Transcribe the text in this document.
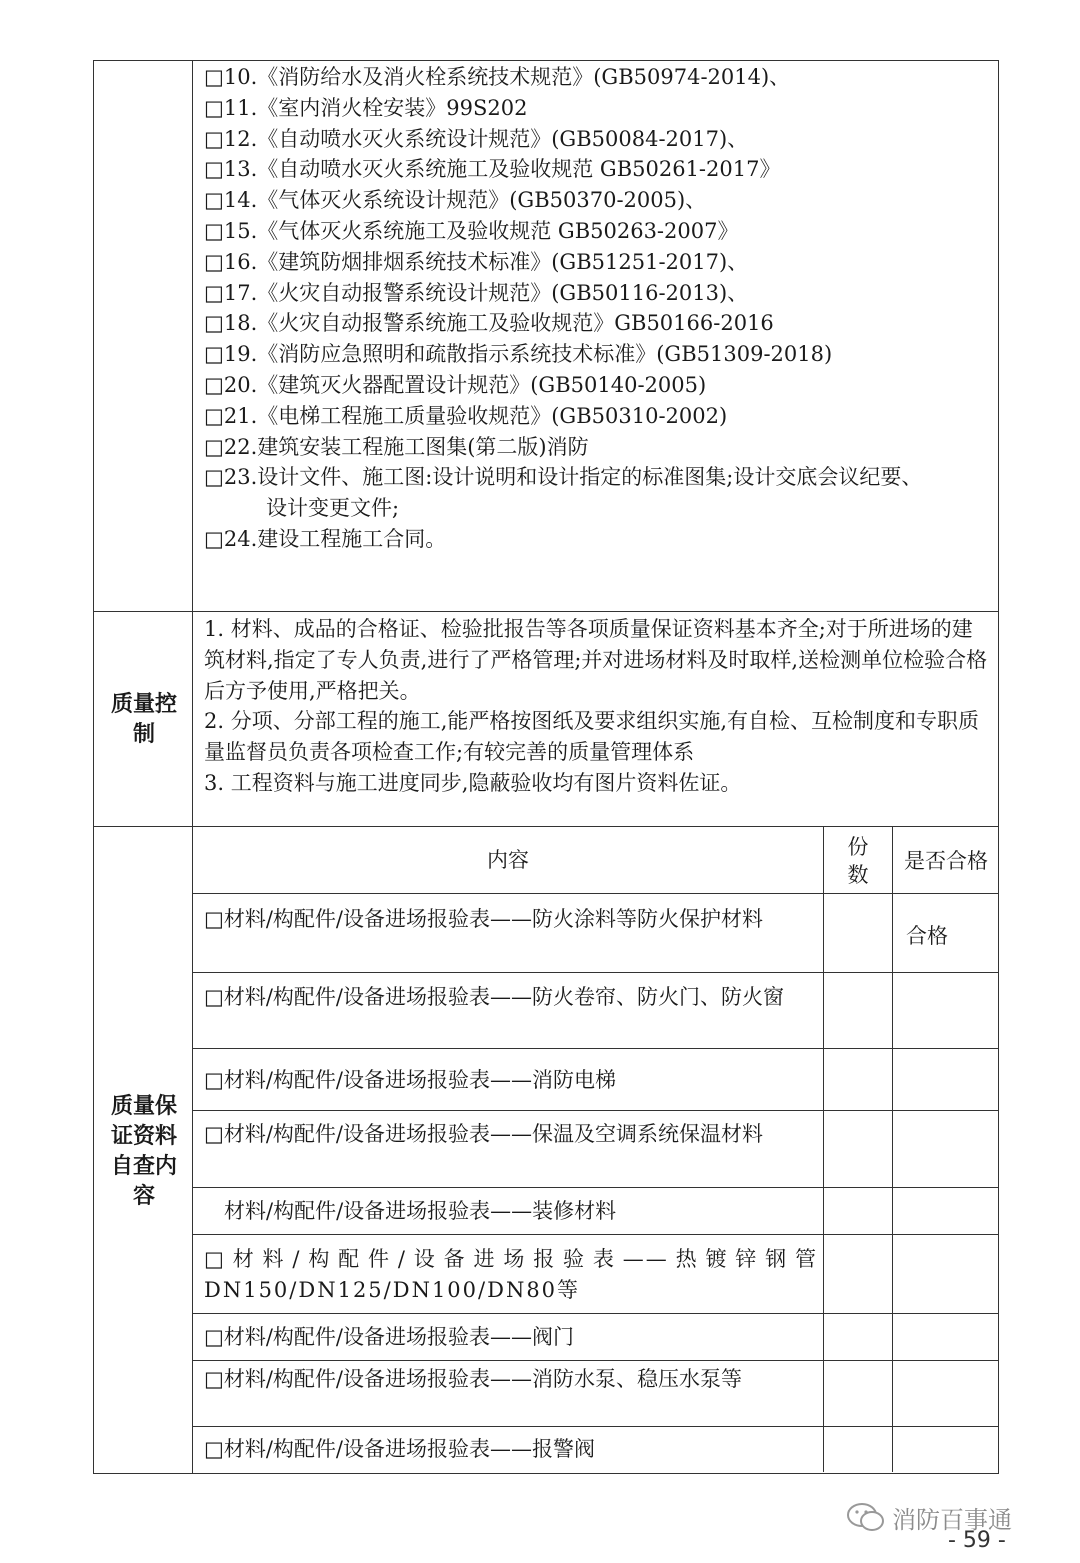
□10.《消防给水及消火栓系统技术规范》(GB50974-2014)、
□11.《室内消火栓安装》99S202
□12.《自动喷水灭火系统设计规范》(GB50084-2017)、
□13.《自动喷水灭火系统施工及验收规范 GB50261-2017》
□14.《气体灭火系统设计规范》(GB50370-2005)、
□15.《气体灭火系统施工及验收规范 GB50263-2007》
□16.《建筑防烟排烟系统技术标准》(GB51251-2017)、
□17.《火灾自动报警系统设计规范》(GB50116-2013)、
□18.《火灾自动报警系统施工及验收规范》GB50166-2016
□19.《消防应急照明和疏散指示系统技术标准》(GB51309-2018)
□20.《建筑灭火器配置设计规范》(GB50140-2005)
□21.《电梯工程施工质量验收规范》(GB50310-2002)
□22.建筑安装工程施工图集(第二版)消防
□23.设计文件、施工图:设计说明和设计指定的标准图集;设计交底会议纪要、
设计变更文件;
□24.建设工程施工合同。
质量控制
1. 材料、成品的合格证、检验批报告等各项质量保证资料基本齐全;对于所进场的建筑材料,指定了专人负责,进行了严格管理;并对进场材料及时取样,送检测单位检验合格后方予使用,严格把关。
2. 分项、分部工程的施工,能严格按图纸及要求组织实施,有自检、互检制度和专职质量监督员负责各项检查工作;有较完善的质量管理体系
3. 工程资料与施工进度同步,隐蔽验收均有图片资料佐证。
质量保证资料自查内容
内容
份数
是否合格
□材料/构配件/设备进场报验表——防火涂料等防火保护材料
合格
□材料/构配件/设备进场报验表——防火卷帘、防火门、防火窗
□材料/构配件/设备进场报验表——消防电梯
□材料/构配件/设备进场报验表——保温及空调系统保温材料
材料/构配件/设备进场报验表——装修材料
□材料/构配件/设备进场报验表——热镀锌钢管DN150/DN125/DN100/DN80等
□材料/构配件/设备进场报验表——阀门
□材料/构配件/设备进场报验表——消防水泵、稳压水泵等
□材料/构配件/设备进场报验表——报警阀
消防百事通
- 59 -
